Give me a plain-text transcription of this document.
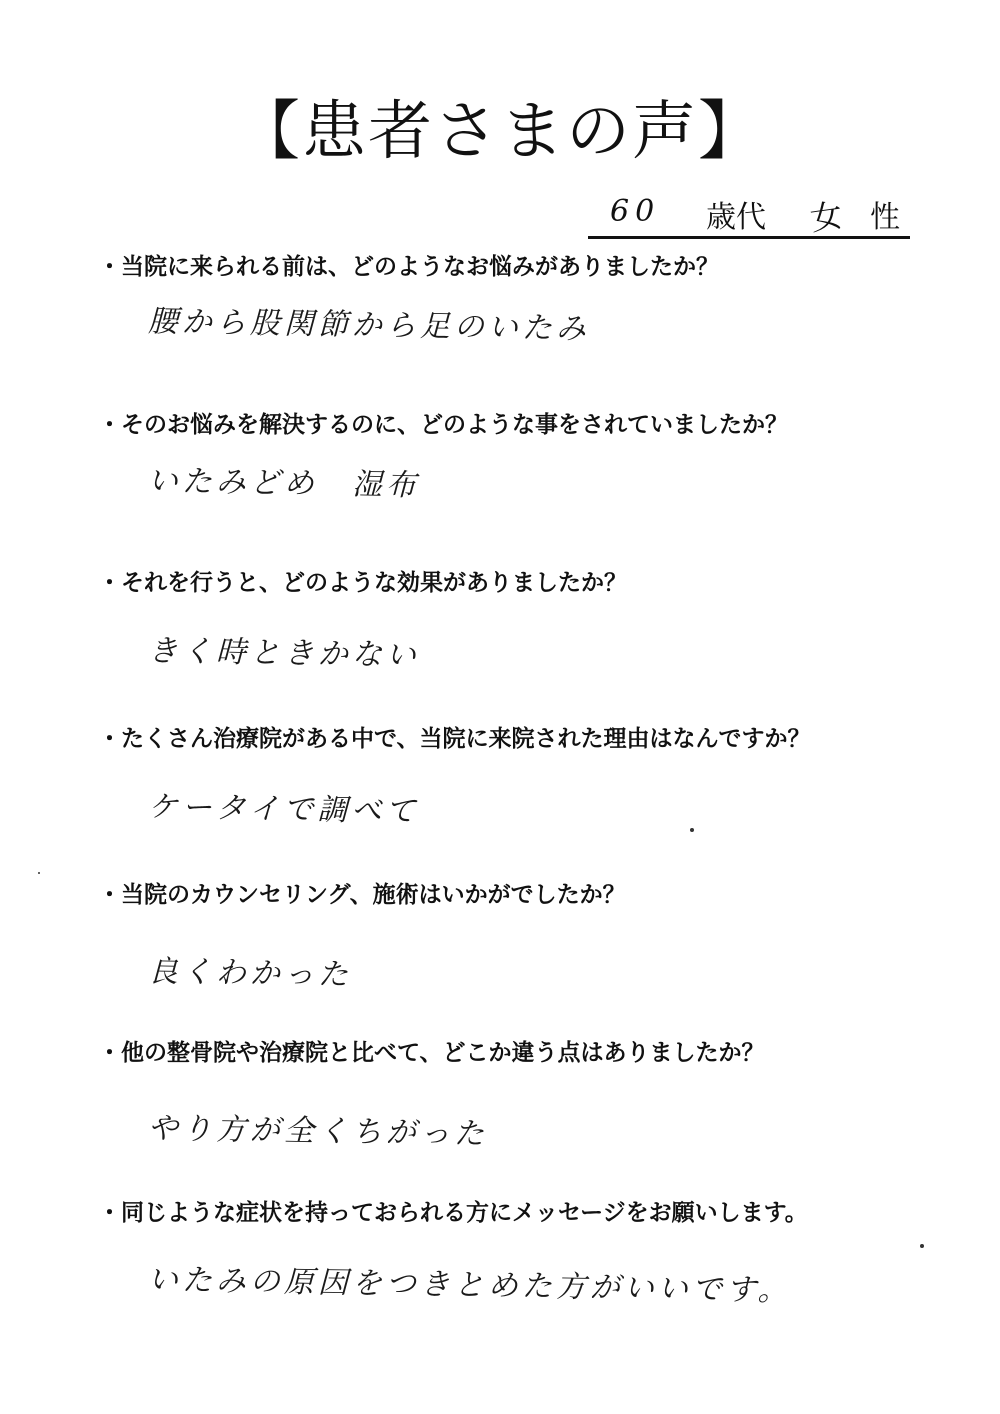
【患者さまの声】
60 歳代 女 性
・当院に来られる前は、どのようなお悩みがありましたか？
腰から股関節から足のいたみ
・そのお悩みを解決するのに、どのような事をされていましたか？
いたみどめ　湿布
・それを行うと、どのような効果がありましたか？
きく時ときかない
・たくさん治療院がある中で、当院に来院された理由はなんですか？
ケータイで調べて
・当院のカウンセリング、施術はいかがでしたか？
良くわかった
・他の整骨院や治療院と比べて、どこか違う点はありましたか？
やり方が全くちがった
・同じような症状を持っておられる方にメッセージをお願いします。
いたみの原因をつきとめた方がいいです。
